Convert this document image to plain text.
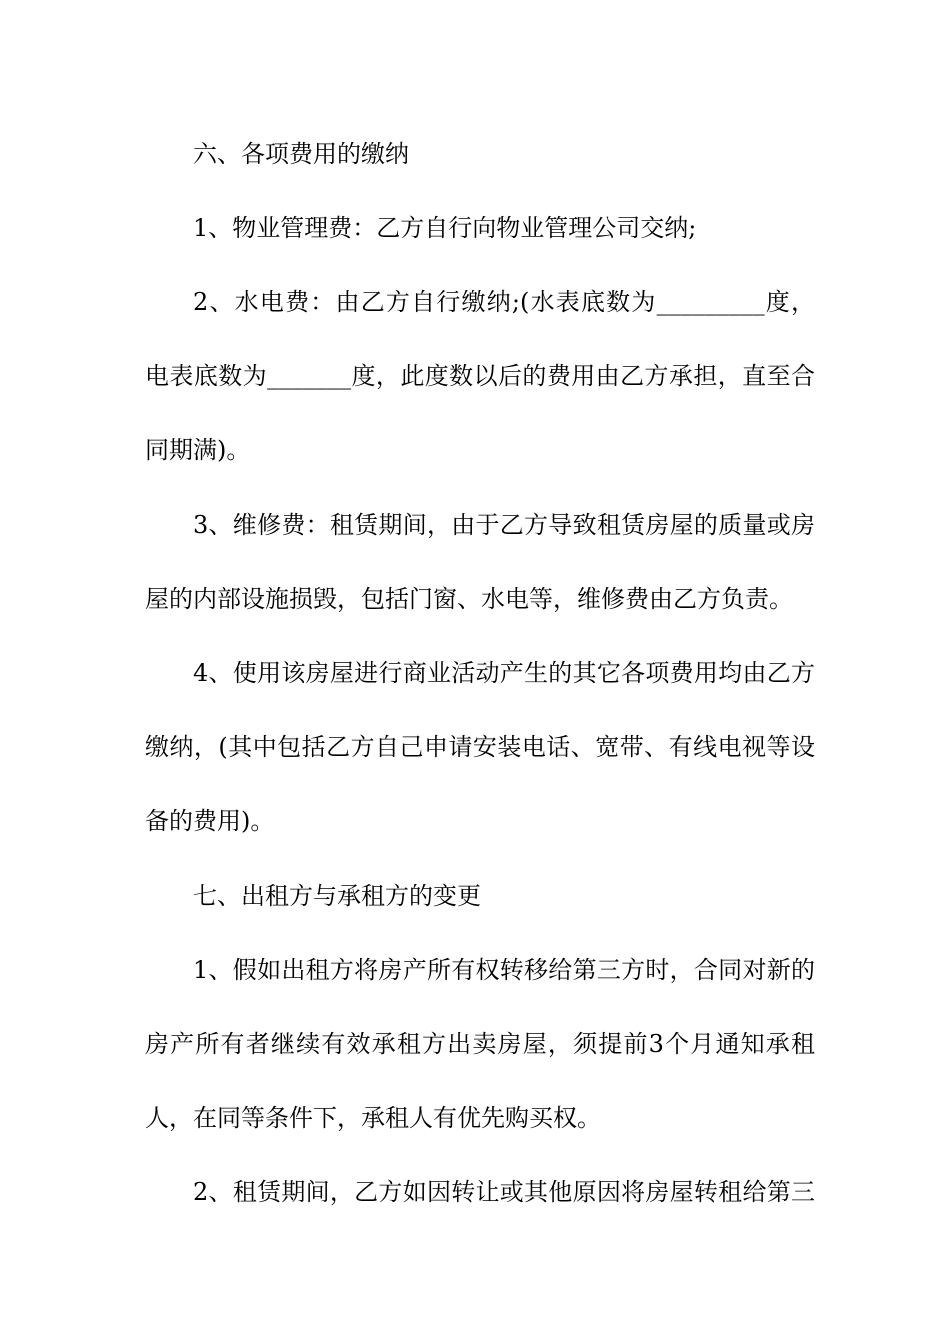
六、各项费用的缴纳
1、物业管理费：乙方自行向物业管理公司交纳;
2、水电费：由乙方自行缴纳;(水表底数为_________度，
电表底数为_______度，此度数以后的费用由乙方承担，直至合
同期满)。
3、维修费：租赁期间，由于乙方导致租赁房屋的质量或房
屋的内部设施损毁，包括门窗、水电等，维修费由乙方负责。
4、使用该房屋进行商业活动产生的其它各项费用均由乙方
缴纳，(其中包括乙方自己申请安装电话、宽带、有线电视等设
备的费用)。
七、出租方与承租方的变更
1、假如出租方将房产所有权转移给第三方时，合同对新的
房产所有者继续有效承租方出卖房屋，须提前3个月通知承租
人，在同等条件下，承租人有优先购买权。
2、租赁期间，乙方如因转让或其他原因将房屋转租给第三
